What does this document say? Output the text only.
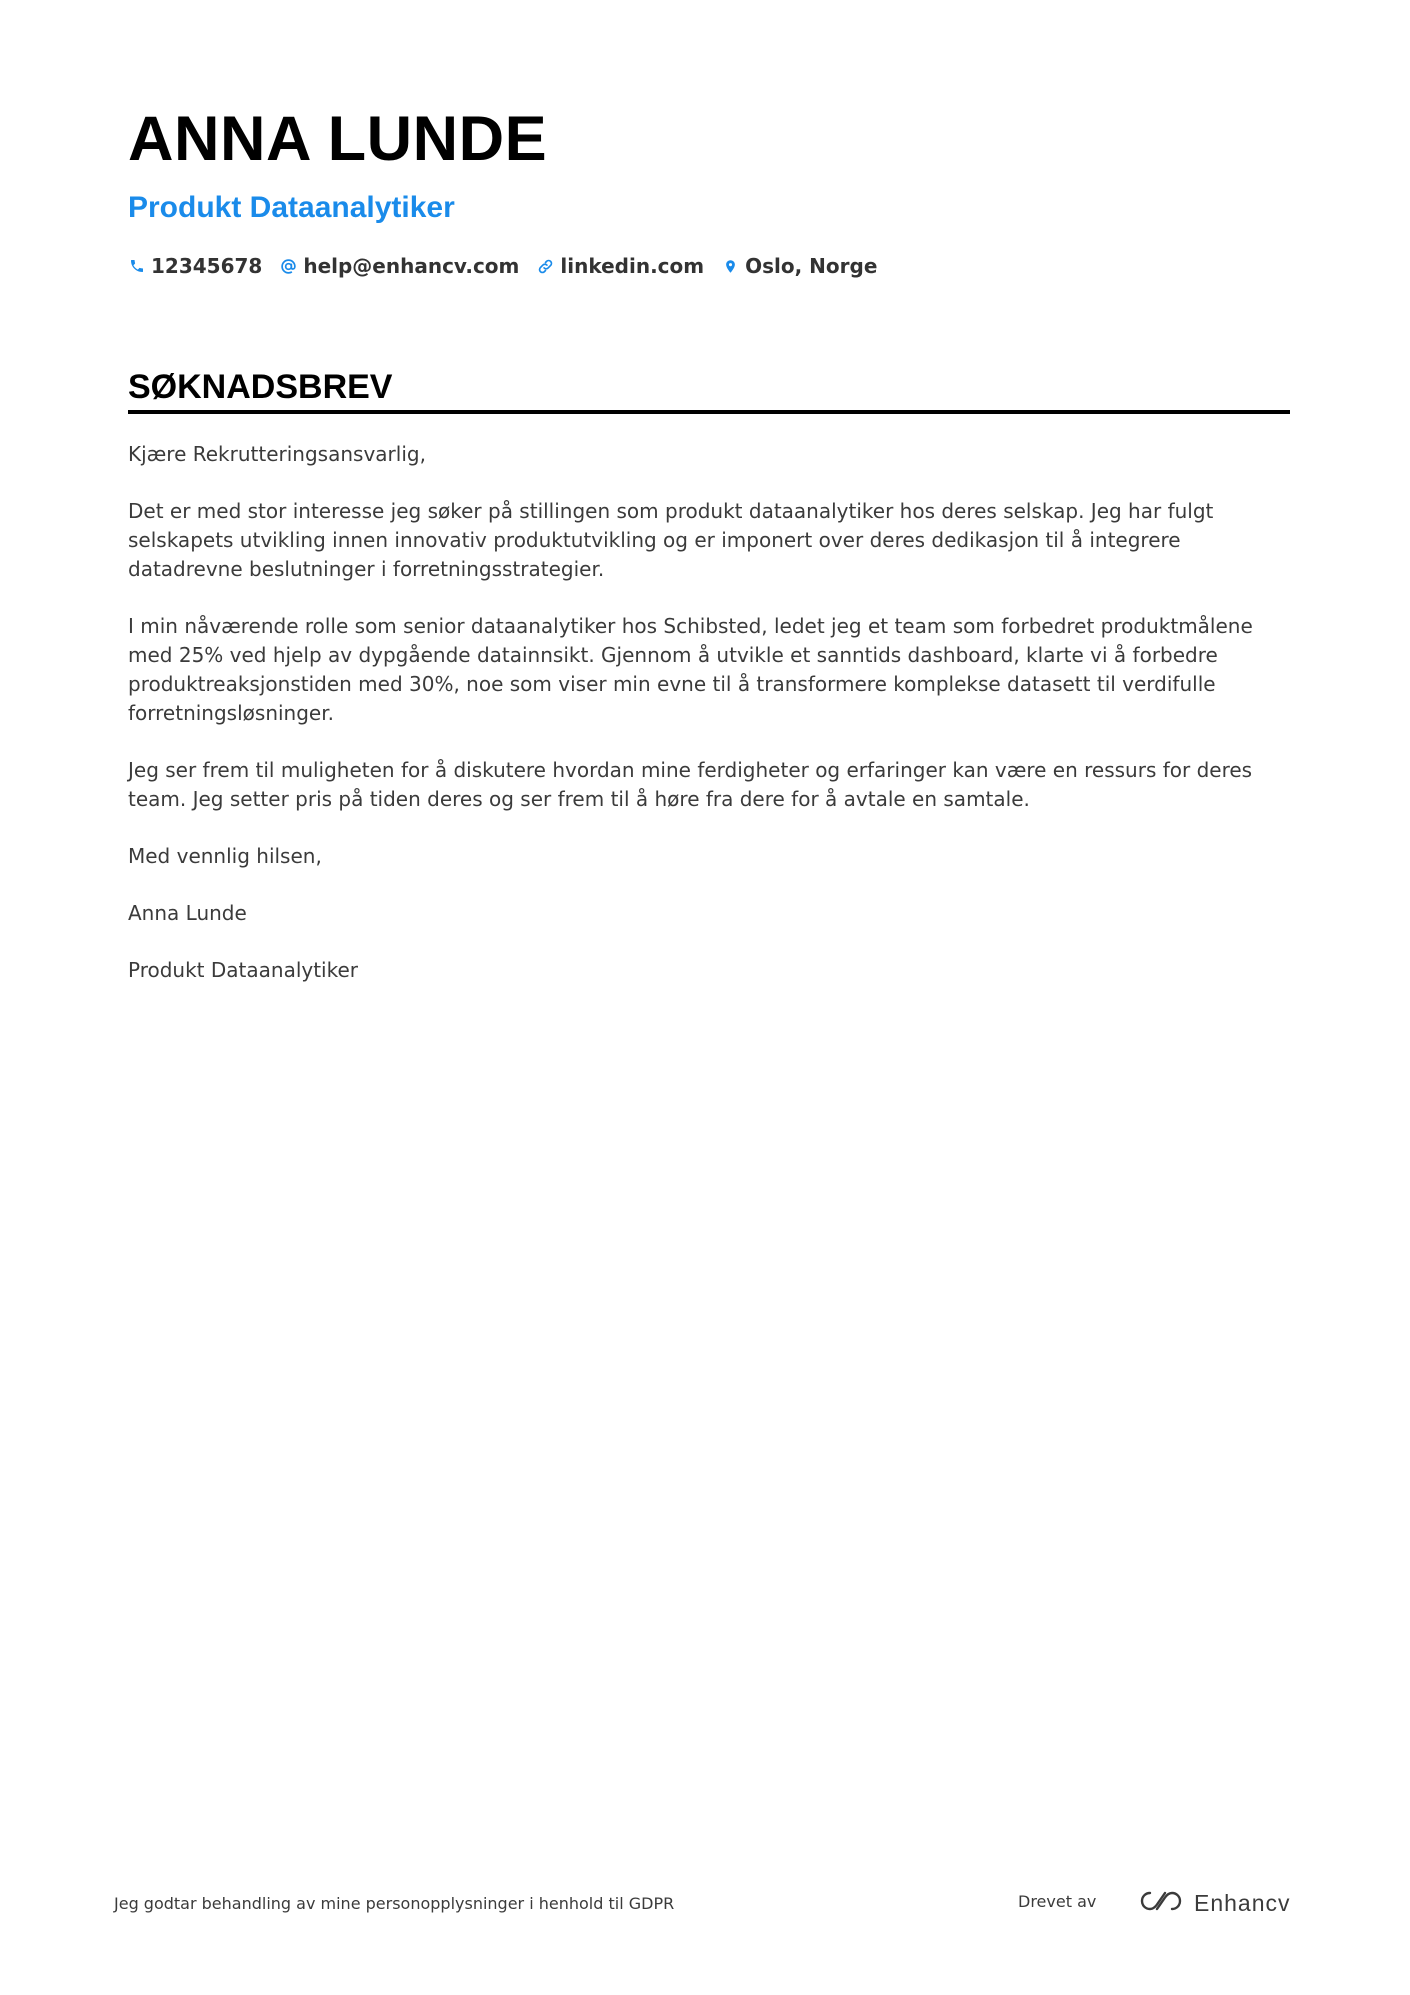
ANNA LUNDE
Produkt Dataanalytiker
12345678 help@enhancv.com linkedin.com Oslo, Norge
SØKNADSBREV

Kjære Rekrutteringsansvarlig,

Det er med stor interesse jeg søker på stillingen som produkt dataanalytiker hos deres selskap. Jeg har fulgt selskapets utvikling innen innovativ produktutvikling og er imponert over deres dedikasjon til å integrere datadrevne beslutninger i forretningsstrategier.

I min nåværende rolle som senior dataanalytiker hos Schibsted, ledet jeg et team som forbedret produktmålene med 25% ved hjelp av dypgående datainnsikt. Gjennom å utvikle et sanntids dashboard, klarte vi å forbedre produktreaksjonstiden med 30%, noe som viser min evne til å transformere komplekse datasett til verdifulle forretningsløsninger.

Jeg ser frem til muligheten for å diskutere hvordan mine ferdigheter og erfaringer kan være en ressurs for deres team. Jeg setter pris på tiden deres og ser frem til å høre fra dere for å avtale en samtale.

Med vennlig hilsen,

Anna Lunde

Produkt Dataanalytiker

Jeg godtar behandling av mine personopplysninger i henhold til GDPR	Drevet av	Enhancv
